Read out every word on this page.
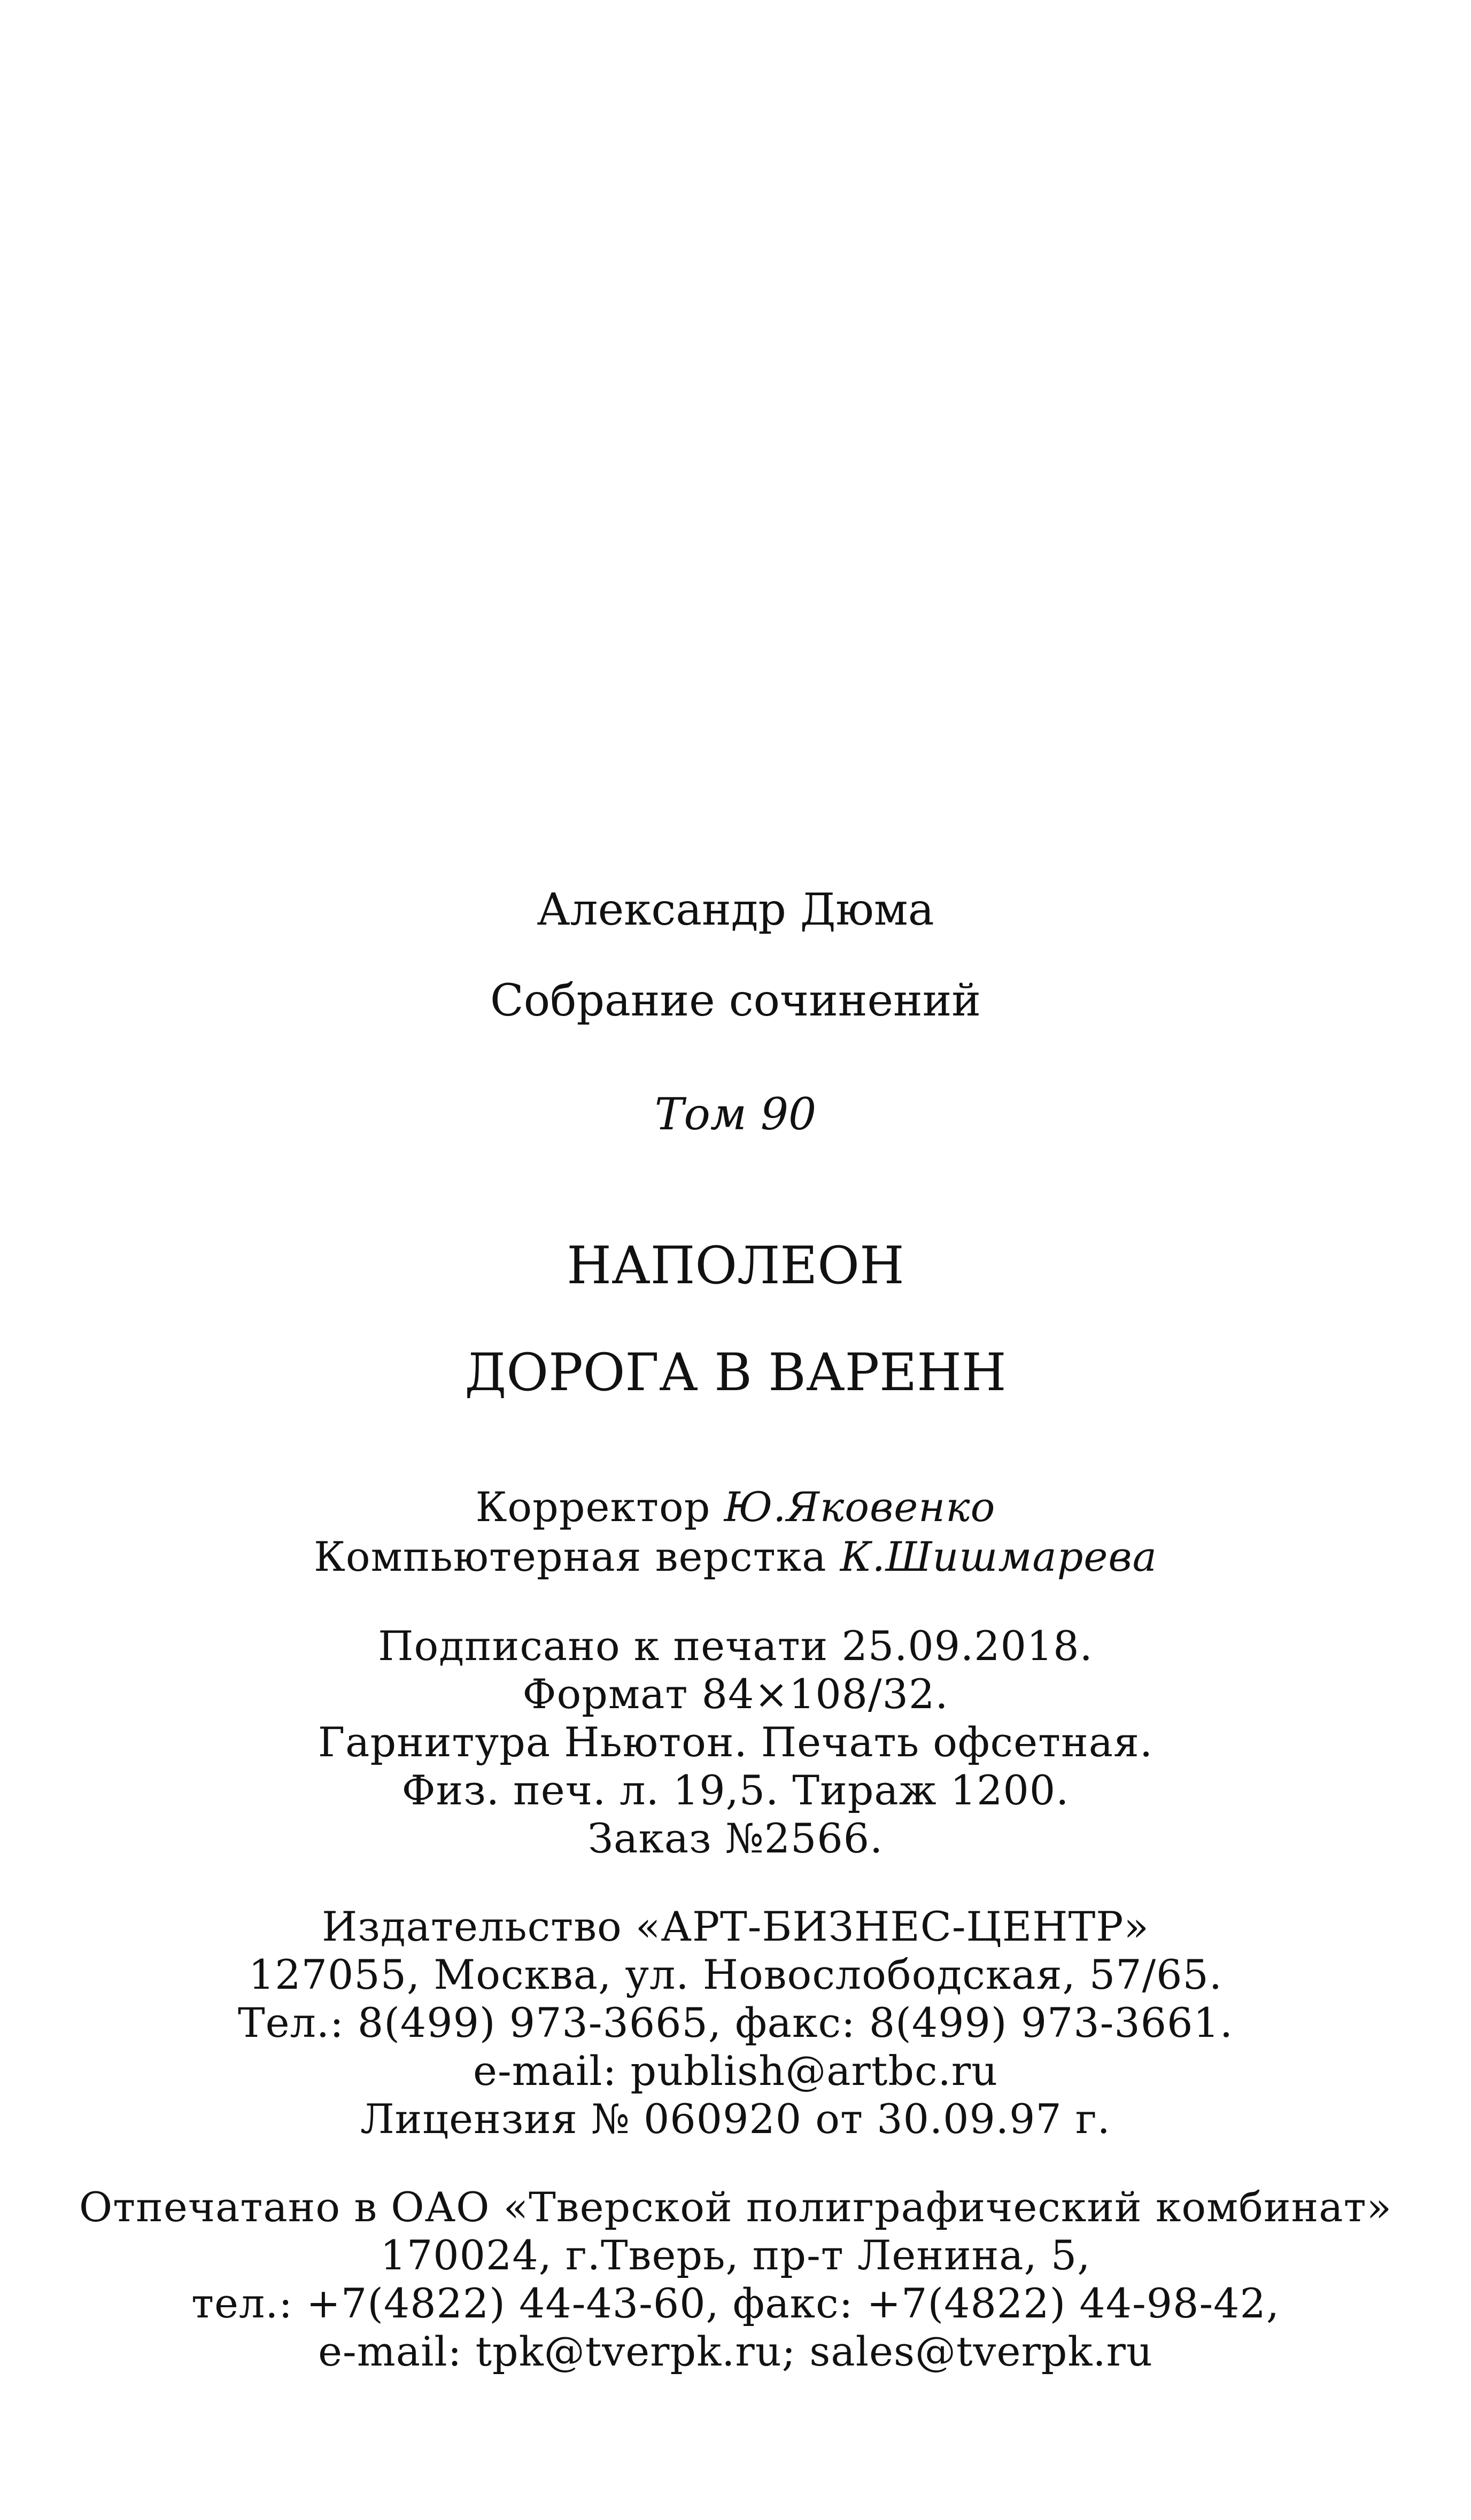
Александр Дюма
Собрание сочинений
Том 90
НАПОЛЕОН
ДОРОГА В ВАРЕНН
Корректор Ю.Яковенко
Компьютерная верстка К.Шишмарева
Подписано к печати 25.09.2018.
Формат 84×108/32.
Гарнитура Ньютон. Печать офсетная.
Физ. печ. л. 19,5. Тираж 1200.
Заказ №2566.
Издательство «АРТ-БИЗНЕС-ЦЕНТР»
127055, Москва, ул. Новослободская, 57/65.
Тел.: 8(499) 973-3665, факс: 8(499) 973-3661.
e-mail: publish@artbc.ru
Лицензия № 060920 от 30.09.97 г.
Отпечатано в ОАО «Тверской полиграфический комбинат»
170024, г.Тверь, пр-т Ленина, 5,
тел.: +7(4822) 44-43-60, факс: +7(4822) 44-98-42,
e-mail: tpk@tverpk.ru; sales@tverpk.ru
